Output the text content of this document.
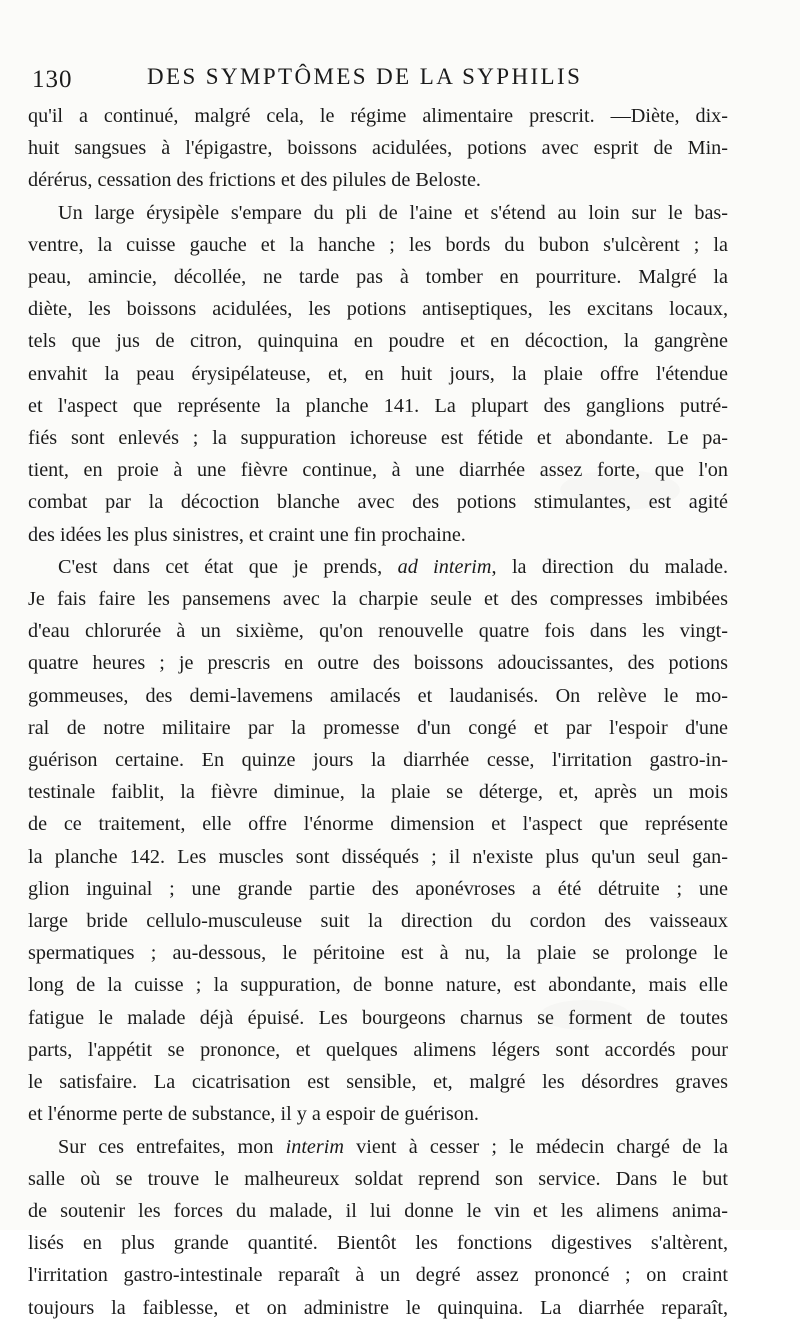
130	DES SYMPTÔMES DE LA SYPHILIS

qu'il a continué, malgré cela, le régime alimentaire prescrit. —Diète, dix-
huit sangsues à l'épigastre, boissons acidulées, potions avec esprit de Min-
dérérus, cessation des frictions et des pilules de Beloste.

Un large érysipèle s'empare du pli de l'aine et s'étend au loin sur le bas-
ventre, la cuisse gauche et la hanche ; les bords du bubon s'ulcèrent ; la
peau, amincie, décollée, ne tarde pas à tomber en pourriture. Malgré la
diète, les boissons acidulées, les potions antiseptiques, les excitans locaux,
tels que jus de citron, quinquina en poudre et en décoction, la gangrène
envahit la peau érysipélateuse, et, en huit jours, la plaie offre l'étendue
et l'aspect que représente la planche 141. La plupart des ganglions putré-
fiés sont enlevés ; la suppuration ichoreuse est fétide et abondante. Le pa-
tient, en proie à une fièvre continue, à une diarrhée assez forte, que l'on
combat par la décoction blanche avec des potions stimulantes, est agité
des idées les plus sinistres, et craint une fin prochaine.

C'est dans cet état que je prends, ad interim, la direction du malade.
Je fais faire les pansemens avec la charpie seule et des compresses imbibées
d'eau chlorurée à un sixième, qu'on renouvelle quatre fois dans les vingt-
quatre heures ; je prescris en outre des boissons adoucissantes, des potions
gommeuses, des demi-lavemens amilacés et laudanisés. On relève le mo-
ral de notre militaire par la promesse d'un congé et par l'espoir d'une
guérison certaine. En quinze jours la diarrhée cesse, l'irritation gastro-in-
testinale faiblit, la fièvre diminue, la plaie se déterge, et, après un mois
de ce traitement, elle offre l'énorme dimension et l'aspect que représente
la planche 142. Les muscles sont disséqués ; il n'existe plus qu'un seul gan-
glion inguinal ; une grande partie des aponévroses a été détruite ; une
large bride cellulo-musculeuse suit la direction du cordon des vaisseaux
spermatiques ; au-dessous, le péritoine est à nu, la plaie se prolonge le
long de la cuisse ; la suppuration, de bonne nature, est abondante, mais elle
fatigue le malade déjà épuisé. Les bourgeons charnus se forment de toutes
parts, l'appétit se prononce, et quelques alimens légers sont accordés pour
le satisfaire. La cicatrisation est sensible, et, malgré les désordres graves
et l'énorme perte de substance, il y a espoir de guérison.

Sur ces entrefaites, mon interim vient à cesser ; le médecin chargé de la
salle où se trouve le malheureux soldat reprend son service. Dans le but
de soutenir les forces du malade, il lui donne le vin et les alimens anima-
lisés en plus grande quantité. Bientôt les fonctions digestives s'altèrent,
l'irritation gastro-intestinale reparaît à un degré assez prononcé ; on craint
toujours la faiblesse, et on administre le quinquina. La diarrhée reparaît,
